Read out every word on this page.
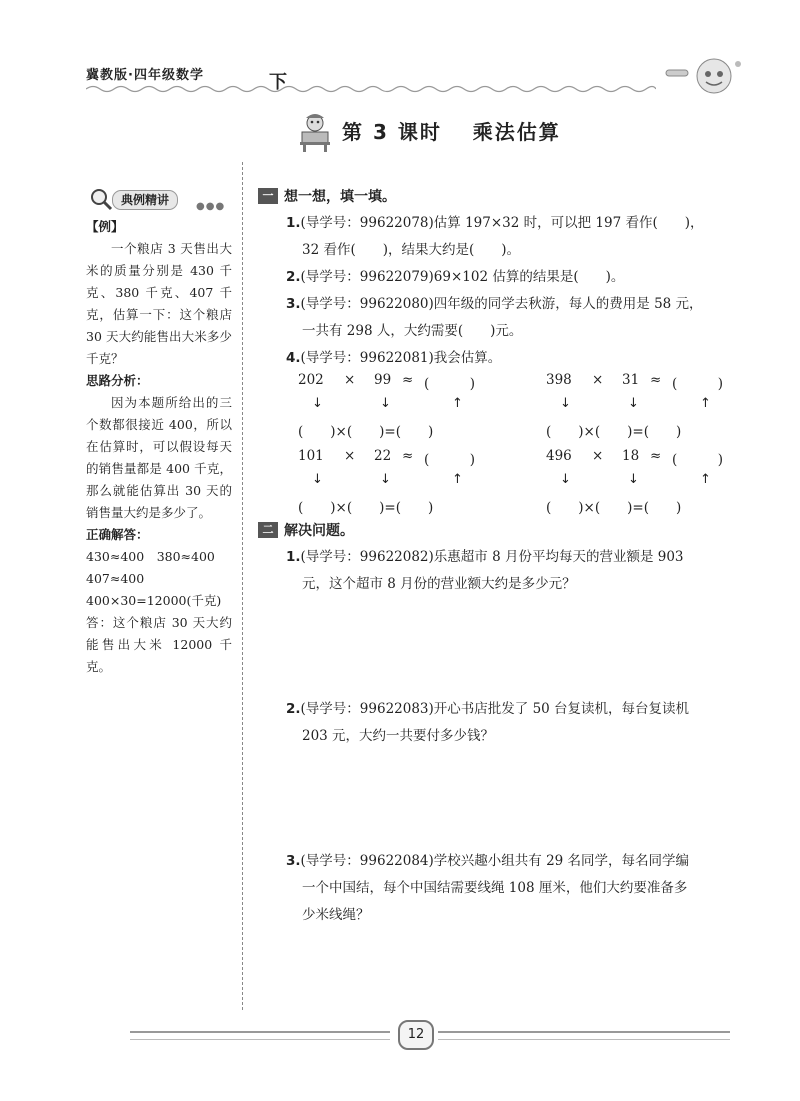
冀教版·四年级数学	下
第 3 课时　 乘法估算
典例精讲	●●●
【例】
一个粮店 3 天售出大米的质量分别是 430 千克、380 千克、407 千克，估算一下：这个粮店 30 天大约能售出大米多少千克？
思路分析：
因为本题所给出的三个数都很接近 400，所以在估算时，可以假设每天的销售量都是 400 千克，那么就能估算出 30 天的销售量大约是多少了。
正确解答：
430≈400　380≈400
407≈400
400×30=12000(千克)
答：这个粮店 30 天大约能售出大米 12000 千克。
一 想一想，填一填。
1.(导学号：99622078)估算 197×32 时，可以把 197 看作(　　)，
32 看作(　　)，结果大约是(　　)。
2.(导学号：99622079)69×102 估算的结果是(　　)。
3.(导学号：99622080)四年级的同学去秋游，每人的费用是 58 元，
一共有 298 人，大约需要(　　)元。
4.(导学号：99622081)我会估算。
202 × 99 ≈ (　　　)
↓	↓	↑
(　　)×(　　)=(　　)
398 × 31 ≈ (　　　)
↓	↓	↑
(　　)×(　　)=(　　)
101 × 22 ≈ (　　　)
↓	↓	↑
(　　)×(　　)=(　　)
496 × 18 ≈ (　　　)
↓	↓	↑
(　　)×(　　)=(　　)
二 解决问题。
1.(导学号：99622082)乐惠超市 8 月份平均每天的营业额是 903
元，这个超市 8 月份的营业额大约是多少元？
2.(导学号：99622083)开心书店批发了 50 台复读机，每台复读机
203 元，大约一共要付多少钱？
3.(导学号：99622084)学校兴趣小组共有 29 名同学，每名同学编
一个中国结，每个中国结需要线绳 108 厘米，他们大约要准备多
少米线绳？
12
